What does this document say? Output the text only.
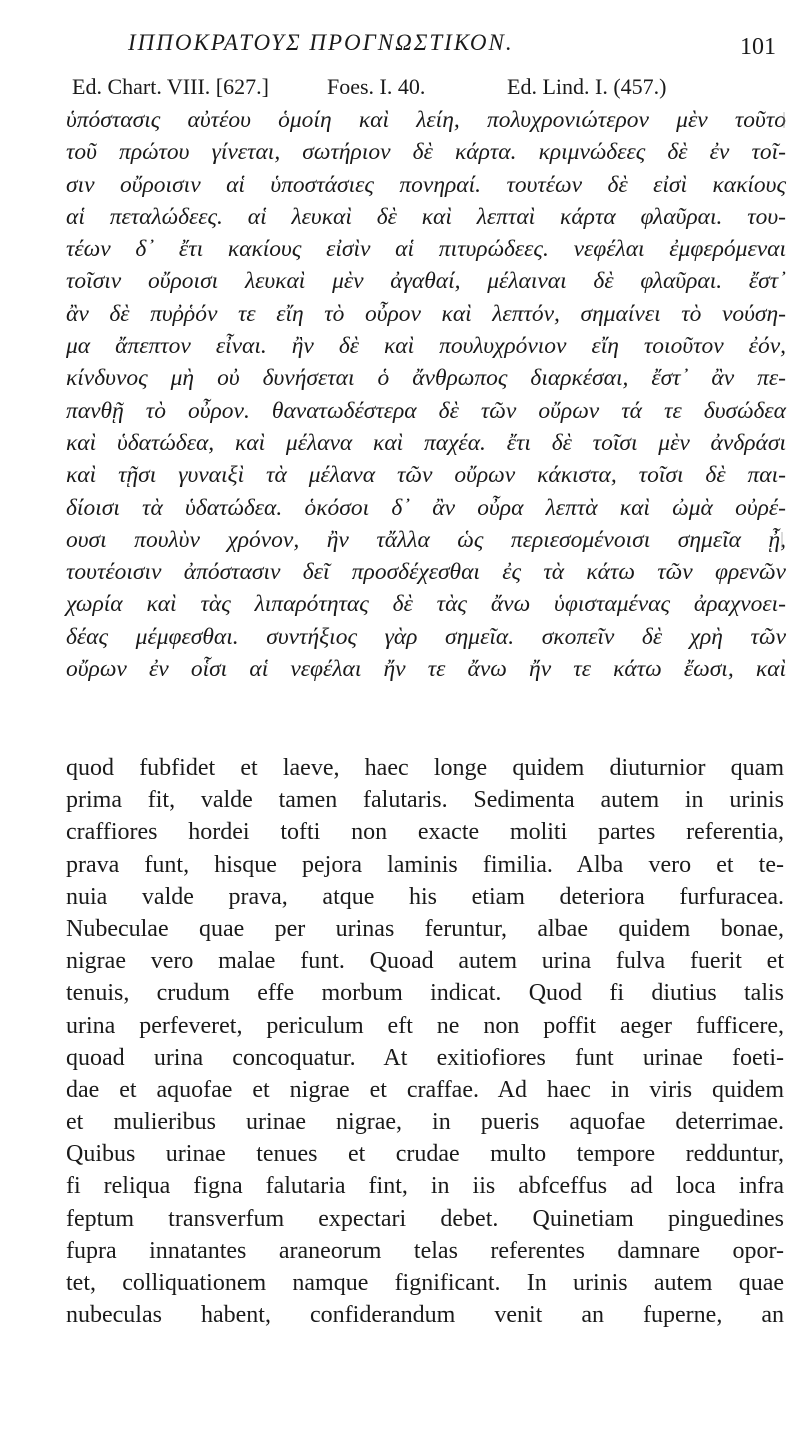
ΙΠΠΟΚΡΑΤΟΥΣ ΠΡΟΓΝΩΣΤΙΚΟΝ.	101
Ed. Chart. VIII. [627.]	Foes. I. 40.	Ed. Lind. I. (457.)
ὑπόστασις αὐτέου ὁμοίη καὶ λείη, πολυχρονιώτερον μὲν τοῦτο
τοῦ πρώτου γίνεται, σωτήριον δὲ κάρτα. κριμνώδεες δὲ ἐν τοῖ-
σιν οὔροισιν αἱ ὑποστάσιες πονηραί. τουτέων δὲ εἰσὶ κακίους
αἱ πεταλώδεες. αἱ λευκαὶ δὲ καὶ λεπταὶ κάρτα φλαῦραι. του-
τέων δ᾽ ἔτι κακίους εἰσὶν αἱ πιτυρώδεες. νεφέλαι ἐμφερόμεναι
τοῖσιν οὔροισι λευκαὶ μὲν ἀγαθαί, μέλαιναι δὲ φλαῦραι. ἔστ᾽
ἂν δὲ πυῤῥόν τε εἴη τὸ οὖρον καὶ λεπτόν, σημαίνει τὸ νούση-
μα ἄπεπτον εἶναι. ἢν δὲ καὶ πουλυχρόνιον εἴη τοιοῦτον ἐόν,
κίνδυνος μὴ οὐ δυνήσεται ὁ ἄνθρωπος διαρκέσαι, ἔστ᾽ ἂν πε-
πανθῇ τὸ οὖρον. θανατωδέστερα δὲ τῶν οὔρων τά τε δυσώδεα
καὶ ὑδατώδεα, καὶ μέλανα καὶ παχέα. ἔτι δὲ τοῖσι μὲν ἀνδράσι
καὶ τῇσι γυναιξὶ τὰ μέλανα τῶν οὔρων κάκιστα, τοῖσι δὲ παι-
δίοισι τὰ ὑδατώδεα. ὁκόσοι δ᾽ ἂν οὖρα λεπτὰ καὶ ὠμὰ οὐρέ-
ουσι πουλὺν χρόνον, ἢν τἄλλα ὡς περιεσομένοισι σημεῖα ᾖ,
τουτέοισιν ἀπόστασιν δεῖ προσδέχεσθαι ἐς τὰ κάτω τῶν φρενῶν
χωρία καὶ τὰς λιπαρότητας δὲ τὰς ἄνω ὑφισταμένας ἀραχνοει-
δέας μέμφεσθαι. συντήξιος γὰρ σημεῖα. σκοπεῖν δὲ χρὴ τῶν
οὔρων ἐν οἷσι αἱ νεφέλαι ἤν τε ἄνω ἤν τε κάτω ἔωσι, καὶ
quod fubfidet et laeve, haec longe quidem diuturnior quam
prima fit, valde tamen falutaris. Sedimenta autem in urinis
craffiores hordei tofti non exacte moliti partes referentia,
prava funt, hisque pejora laminis fimilia. Alba vero et te-
nuia valde prava, atque his etiam deteriora furfuracea.
Nubeculae quae per urinas feruntur, albae quidem bonae,
nigrae vero malae funt. Quoad autem urina fulva fuerit et
tenuis, crudum effe morbum indicat. Quod fi diutius talis
urina perfeveret, periculum eft ne non poffit aeger fufficere,
quoad urina concoquatur. At exitiofiores funt urinae foeti-
dae et aquofae et nigrae et craffae. Ad haec in viris quidem
et mulieribus urinae nigrae, in pueris aquofae deterrimae.
Quibus urinae tenues et crudae multo tempore redduntur,
fi reliqua figna falutaria fint, in iis abfceffus ad loca infra
feptum transverfum expectari debet. Quinetiam pinguedines
fupra innatantes araneorum telas referentes damnare opor-
tet, colliquationem namque fignificant. In urinis autem quae
nubeculas habent, confiderandum venit an fuperne, an
